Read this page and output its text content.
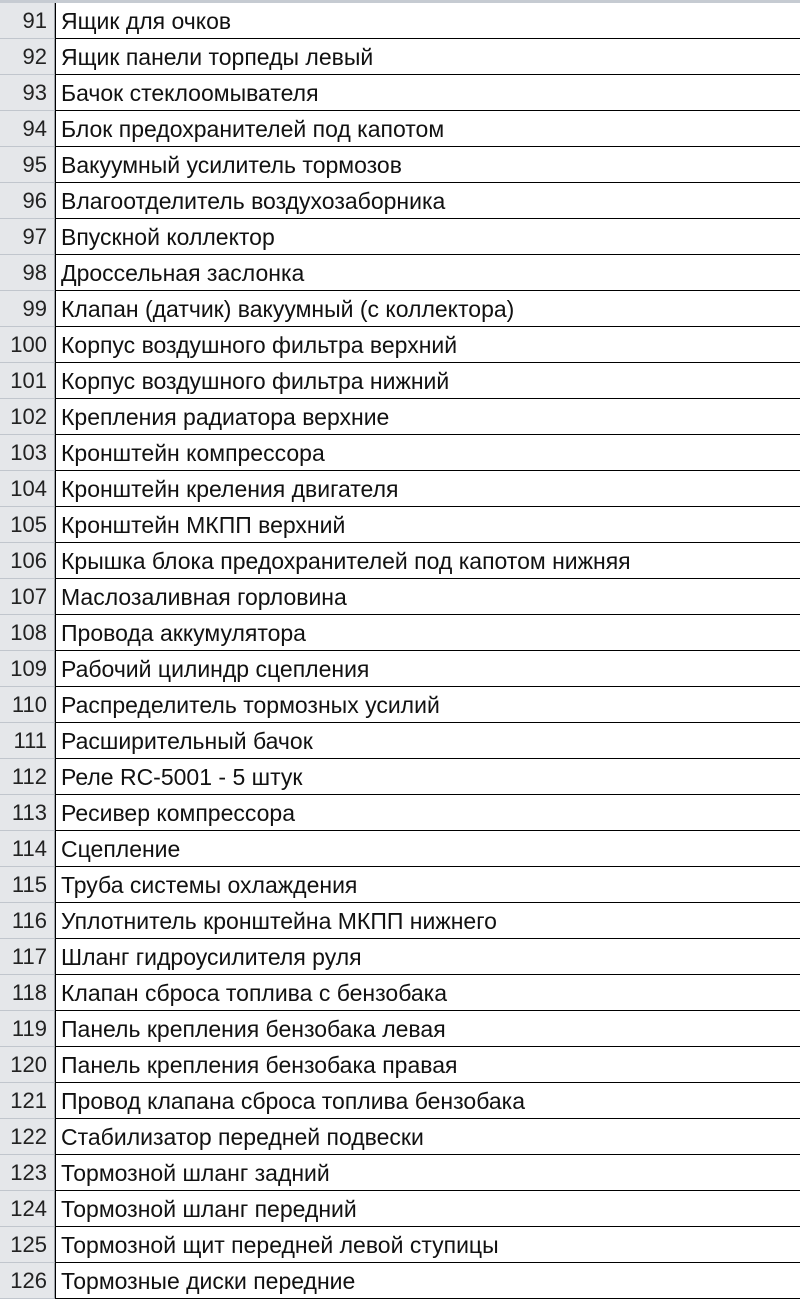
91 Ящик для очков
92 Ящик панели торпеды левый
93 Бачок стеклоомывателя
94 Блок предохранителей под капотом
95 Вакуумный усилитель тормозов
96 Влагоотделитель воздухозаборника
97 Впускной коллектор
98 Дроссельная заслонка
99 Клапан (датчик) вакуумный (с коллектора)
100 Корпус воздушного фильтра верхний
101 Корпус воздушного фильтра нижний
102 Крепления радиатора верхние
103 Кронштейн компрессора
104 Кронштейн креления двигателя
105 Кронштейн МКПП верхний
106 Крышка блока предохранителей под капотом нижняя
107 Маслозаливная горловина
108 Провода аккумулятора
109 Рабочий цилиндр сцепления
110 Распределитель тормозных усилий
111 Расширительный бачок
112 Реле RC-5001 - 5 штук
113 Ресивер компрессора
114 Сцепление
115 Труба системы охлаждения
116 Уплотнитель кронштейна МКПП нижнего
117 Шланг гидроусилителя руля
118 Клапан сброса топлива с бензобака
119 Панель крепления бензобака левая
120 Панель крепления бензобака правая
121 Провод клапана сброса топлива бензобака
122 Стабилизатор передней подвески
123 Тормозной шланг задний
124 Тормозной шланг передний
125 Тормозной щит передней левой ступицы
126 Тормозные диски передние
